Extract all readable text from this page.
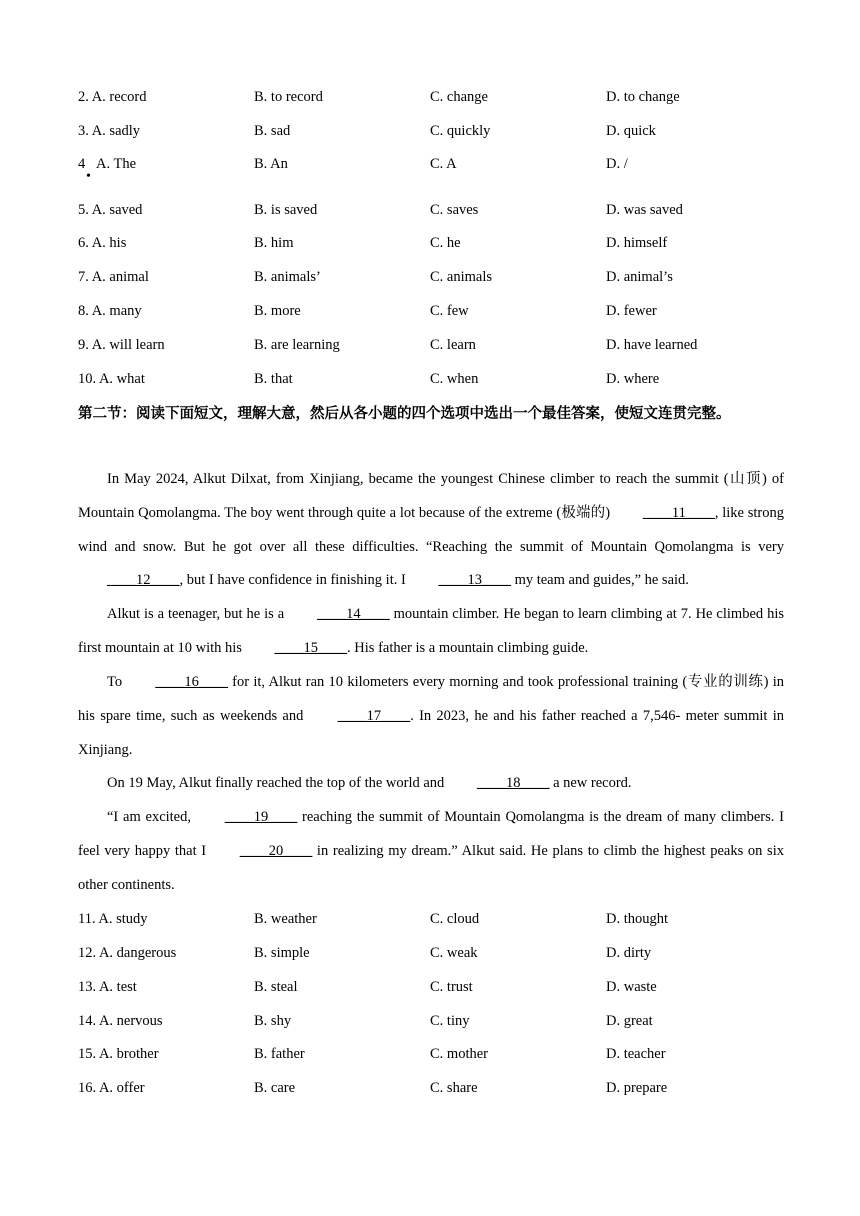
2. A. record	B. to record	C. change	D. to change
3. A. sadly	B. sad	C. quickly	D. quick
4 A. The	B. An	C. A	D. /
•
5. A. saved	B. is saved	C. saves	D. was saved
6. A. his	B. him	C. he	D. himself
7. A. animal	B. animals’	C. animals	D. animal’s
8. A. many	B. more	C. few	D. fewer
9. A. will learn	B. are learning	C. learn	D. have learned
10. A. what	B. that	C. when	D. where
第二节：阅读下面短文，理解大意，然后从各小题的四个选项中选出一个最佳答案，使短文连贯完整。
In May 2024, Alkut Dilxat, from Xinjiang, became the youngest Chinese climber to reach the summit (山顶) of Mountain Qomolangma. The boy went through quite a lot because of the extreme (极端的) ____11____, like strong wind and snow. But he got over all these difficulties. “Reaching the summit of Mountain Qomolangma is very ____12____, but I have confidence in finishing it. I ____13____ my team and guides,” he said.
Alkut is a teenager, but he is a ____14____ mountain climber. He began to learn climbing at 7. He climbed his first mountain at 10 with his ____15____. His father is a mountain climbing guide.
To ____16____ for it, Alkut ran 10 kilometers every morning and took professional training (专业的训练) in his spare time, such as weekends and ____17____. In 2023, he and his father reached a 7,546- meter summit in Xinjiang.
On 19 May, Alkut finally reached the top of the world and ____18____ a new record.
“I am excited, ____19____ reaching the summit of Mountain Qomolangma is the dream of many climbers. I feel very happy that I ____20____ in realizing my dream.” Alkut said. He plans to climb the highest peaks on six other continents.
11. A. study	B. weather	C. cloud	D. thought
12. A. dangerous	B. simple	C. weak	D. dirty
13. A. test	B. steal	C. trust	D. waste
14. A. nervous	B. shy	C. tiny	D. great
15. A. brother	B. father	C. mother	D. teacher
16. A. offer	B. care	C. share	D. prepare
